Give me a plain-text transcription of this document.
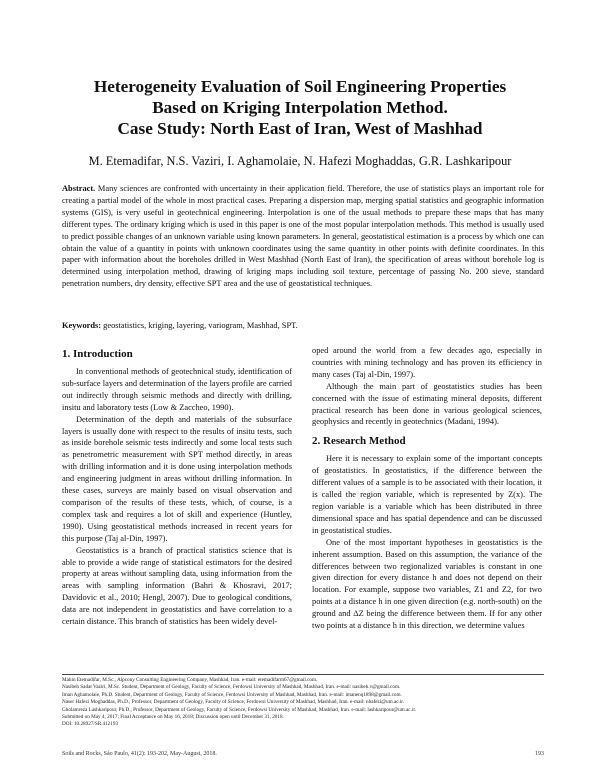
Heterogeneity Evaluation of Soil Engineering Properties
Based on Kriging Interpolation Method.
Case Study: North East of Iran, West of Mashhad
M. Etemadifar, N.S. Vaziri, I. Aghamolaie, N. Hafezi Moghaddas, G.R. Lashkaripour
Abstract. Many sciences are confronted with uncertainty in their application field. Therefore, the use of statistics plays an important role for creating a partial model of the whole in most practical cases. Preparing a dispersion map, merging spatial statistics and geographic information systems (GIS), is very useful in geotechnical engineering. Interpolation is one of the usual methods to prepare these maps that has many different types. The ordinary kriging which is used in this paper is one of the most popular interpolation methods. This method is usually used to predict possible changes of an unknown variable using known parameters. In general, geostatistical estimation is a process by which one can obtain the value of a quantity in points with unknown coordinates using the same quantity in other points with definite coordinates. In this paper with information about the boreholes drilled in West Mashhad (North East of Iran), the specification of areas without borehole log is determined using interpolation method, drawing of kriging maps including soil texture, percentage of passing No. 200 sieve, standard penetration numbers, dry density, effective SPT area and the use of geostatistical techniques.
Keywords: geostatistics, kriging, layering, variogram, Mashhad, SPT.
1. Introduction

In conventional methods of geotechnical study, identification of sub-surface layers and determination of the layers profile are carried out indirectly through seismic methods and directly with drilling, insitu and laboratory tests (Low & Zaccheo, 1990).

Determination of the depth and materials of the subsurface layers is usually done with respect to the results of insitu tests, such as inside borehole seismic tests indirectly and some local tests such as penetrometric measurement with SPT method directly, in areas with drilling information and it is done using interpolation methods and engineering judgment in areas without drilling information. In these cases, surveys are mainly based on visual observation and comparison of the results of these tests, which, of course, is a complex task and requires a lot of skill and experience (Huntley, 1990). Using geostatistical methods increased in recent years for this purpose (Taj al-Din, 1997).

Geostatistics is a branch of practical statistics science that is able to provide a wide range of statistical estimators for the desired property at areas without sampling data, using information from the areas with sampling information (Bahri & Khosravi, 2017; Davidovic et al., 2010; Hengl, 2007). Due to geological conditions, data are not independent in geostatistics and have correlation to a certain distance. This branch of statistics has been widely devel-

oped around the world from a few decades ago, especially in countries with mining technology and has proven its efficiency in many cases (Taj al-Din, 1997).

Although the main part of geostatistics studies has been concerned with the issue of estimating mineral deposits, different practical research has been done in various geological sciences, geophysics and recently in geotechnics (Madani, 1994).

2. Research Method

Here it is necessary to explain some of the important concepts of geostatistics. In geostatistics, if the difference between the different values of a sample is to be associated with their location, it is called the region variable, which is represented by Z(x). The region variable is a variable which has been distributed in three dimensional space and has spatial dependence and can be discussed in geostatistical studies.

One of the most important hypotheses in geostatistics is the inherent assumption. Based on this assumption, the variance of the differences between two regionalized variables is constant in one given direction for every distance h and does not depend on their location. For example, suppose two variables, Z1 and Z2, for two points at a distance h in one given direction (e.g. north-south) on the ground and ΔZ being the difference between them. If for any other two points at a distance h in this direction, we determine values

Mahin Etemadifar, M.Sc., Alpcony Consulting Engineering Company, Mashhad, Iran. e-mail: etemadifarm67@gmail.com.
Nasibeh Sadat Vaziri, M.Sc. Student, Department of Geology, Faculty of Science, Ferdowsi University of Mashhad, Mashhad, Iran. e-mail: nasibeh.v@gmail.com.
Iman Aghamolaie, Ph.D. Student, Department of Geology, Faculty of Science, Ferdowsi University of Mashhad, Mashhad, Iran. e-mail: imanenq1898@gmail.com.
Naser Hafezi Moghaddas, Ph.D., Professor, Department of Geology, Faculty of Science, Ferdowsi University of Mashhad, Mashhad, Iran. e-mail: nhafezi@um.ac.ir.
Gholamreza Lashkaripour, Ph.D., Professor, Department of Geology, Faculty of Science, Ferdowsi University of Mashhad, Mashhad, Iran. e-mail: lashkaripour@um.ac.ir.
Submitted on May 4, 2017; Final Acceptance on May 16, 2018; Discussion open until December 31, 2018.
DOI: 10.28927/SR.412193
Soils and Rocks, São Paulo, 41(2): 193-202, May-August, 2018.	193
